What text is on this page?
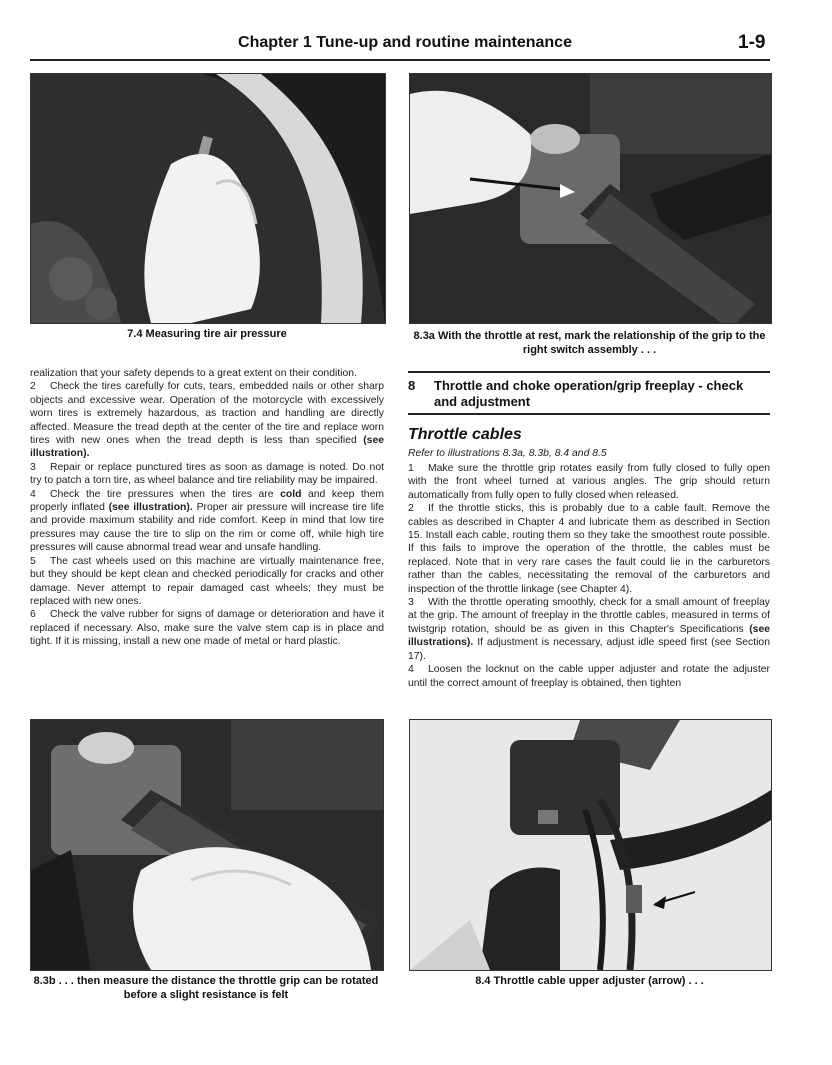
Chapter 1 Tune-up and routine maintenance	1-9
7.4 Measuring tire air pressure	8.3a With the throttle at rest, mark the relationship of the grip to the right switch assembly . . .

realization that your safety depends to a great extent on their condition.

2 Check the tires carefully for cuts, tears, embedded nails or other sharp objects and excessive wear. Operation of the motorcycle with excessively worn tires is extremely hazardous, as traction and handling are directly affected. Measure the tread depth at the center of the tire and replace worn tires with new ones when the tread depth is less than specified (see illustration).

3 Repair or replace punctured tires as soon as damage is noted. Do not try to patch a torn tire, as wheel balance and tire reliability may be impaired.

4 Check the tire pressures when the tires are cold and keep them properly inflated (see illustration). Proper air pressure will increase tire life and provide maximum stability and ride comfort. Keep in mind that low tire pressures may cause the tire to slip on the rim or come off, while high tire pressures will cause abnormal tread wear and unsafe handling.

5 The cast wheels used on this machine are virtually maintenance free, but they should be kept clean and checked periodically for cracks and other damage. Never attempt to repair damaged cast wheels; they must be replaced with new ones.

6 Check the valve rubber for signs of damage or deterioration and have it replaced if necessary. Also, make sure the valve stem cap is in place and tight. If it is missing, install a new one made of metal or hard plastic.

8 Throttle and choke operation/grip freeplay - check and adjustment
Throttle cables
Refer to illustrations 8.3a, 8.3b, 8.4 and 8.5

1 Make sure the throttle grip rotates easily from fully closed to fully open with the front wheel turned at various angles. The grip should return automatically from fully open to fully closed when released.

2 If the throttle sticks, this is probably due to a cable fault. Remove the cables as described in Chapter 4 and lubricate them as described in Section 15. Install each cable, routing them so they take the smoothest route possible. If this fails to improve the operation of the throttle, the cables must be replaced. Note that in very rare cases the fault could lie in the carburetors rather than the cables, necessitating the removal of the carburetors and inspection of the throttle linkage (see Chapter 4).

3 With the throttle operating smoothly, check for a small amount of freeplay at the grip. The amount of freeplay in the throttle cables, measured in terms of twistgrip rotation, should be as given in this Chapter's Specifications (see illustrations). If adjustment is necessary, adjust idle speed first (see Section 17).

4 Loosen the locknut on the cable upper adjuster and rotate the adjuster until the correct amount of freeplay is obtained, then tighten

8.3b . . . then measure the distance the throttle grip can be rotated before a slight resistance is felt
8.4 Throttle cable upper adjuster (arrow) . . .
